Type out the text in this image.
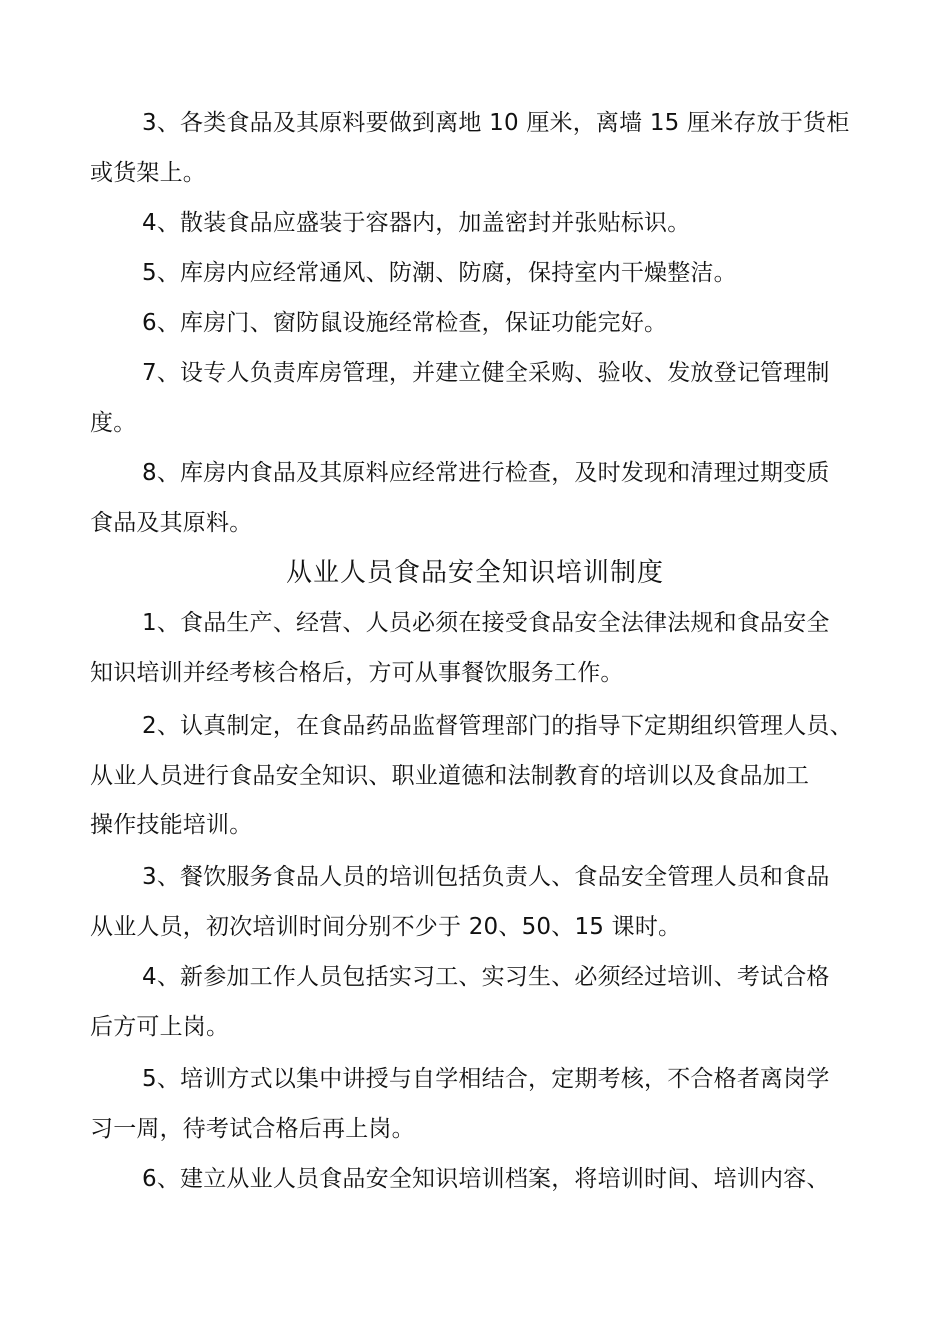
3、各类食品及其原料要做到离地 10 厘米，离墙 15 厘米存放于货柜
或货架上。
4、散装食品应盛装于容器内，加盖密封并张贴标识。
5、库房内应经常通风、防潮、防腐，保持室内干燥整洁。
6、库房门、窗防鼠设施经常检查，保证功能完好。
7、设专人负责库房管理，并建立健全采购、验收、发放登记管理制
度。
8、库房内食品及其原料应经常进行检查，及时发现和清理过期变质
食品及其原料。
从业人员食品安全知识培训制度
1、食品生产、经营、人员必须在接受食品安全法律法规和食品安全
知识培训并经考核合格后，方可从事餐饮服务工作。
2、认真制定，在食品药品监督管理部门的指导下定期组织管理人员、
从业人员进行食品安全知识、职业道德和法制教育的培训以及食品加工
操作技能培训。
3、餐饮服务食品人员的培训包括负责人、食品安全管理人员和食品
从业人员，初次培训时间分别不少于 20、50、15 课时。
4、新参加工作人员包括实习工、实习生、必须经过培训、考试合格
后方可上岗。
5、培训方式以集中讲授与自学相结合，定期考核，不合格者离岗学
习一周，待考试合格后再上岗。
6、建立从业人员食品安全知识培训档案，将培训时间、培训内容、
